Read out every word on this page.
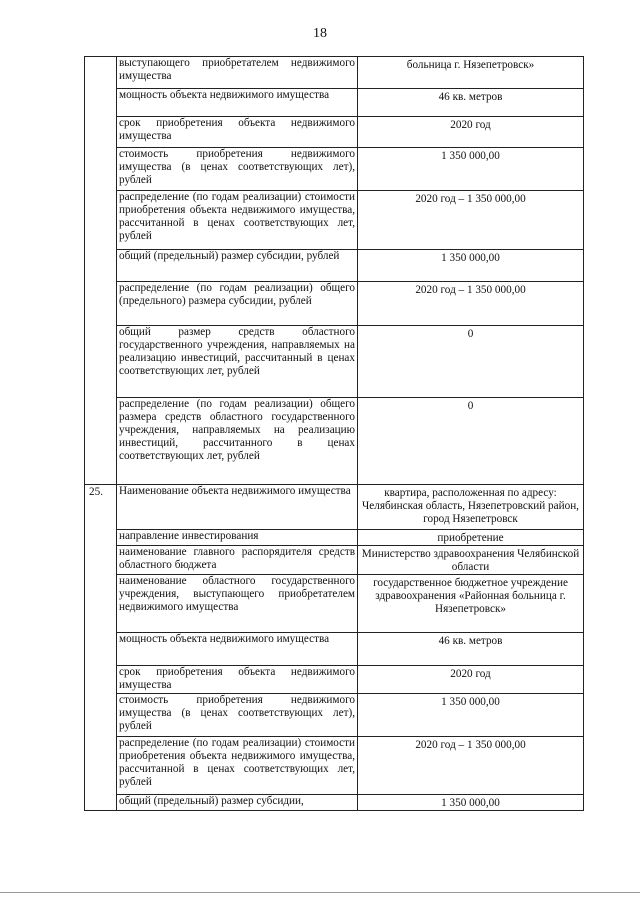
18
	выступающего приобретателем недвижимого имущества	больница г. Нязепетровск»
	мощность объекта недвижимого имущества	46 кв. метров
	срок приобретения объекта недвижимого имущества	2020 год
	стоимость приобретения недвижимого имущества (в ценах соответствующих лет), рублей	1 350 000,00
	распределение (по годам реализации) стоимости приобретения объекта недвижимого имущества, рассчитанной в ценах соответствующих лет, рублей	2020 год – 1 350 000,00
	общий (предельный) размер субсидии, рублей	1 350 000,00
	распределение (по годам реализации) общего (предельного) размера субсидии, рублей	2020 год – 1 350 000,00
	общий размер средств областного государственного учреждения, направляемых на реализацию инвестиций, рассчитанный в ценах соответствующих лет, рублей	0
	распределение (по годам реализации) общего размера средств областного государственного учреждения, направляемых на реализацию инвестиций, рассчитанного в ценах соответствующих лет, рублей	0
25.	Наименование объекта недвижимого имущества	квартира, расположенная по адресу: Челябинская область, Нязепетровский район, город Нязепетровск
	направление инвестирования	приобретение
	наименование главного распорядителя средств областного бюджета	Министерство здравоохранения Челябинской области
	наименование областного государственного учреждения, выступающего приобретателем недвижимого имущества	государственное бюджетное учреждение здравоохранения «Районная больница г. Нязепетровск»
	мощность объекта недвижимого имущества	46 кв. метров
	срок приобретения объекта недвижимого имущества	2020 год
	стоимость приобретения недвижимого имущества (в ценах соответствующих лет), рублей	1 350 000,00
	распределение (по годам реализации) стоимости приобретения объекта недвижимого имущества, рассчитанной в ценах соответствующих лет, рублей	2020 год – 1 350 000,00
	общий (предельный) размер субсидии,	1 350 000,00
